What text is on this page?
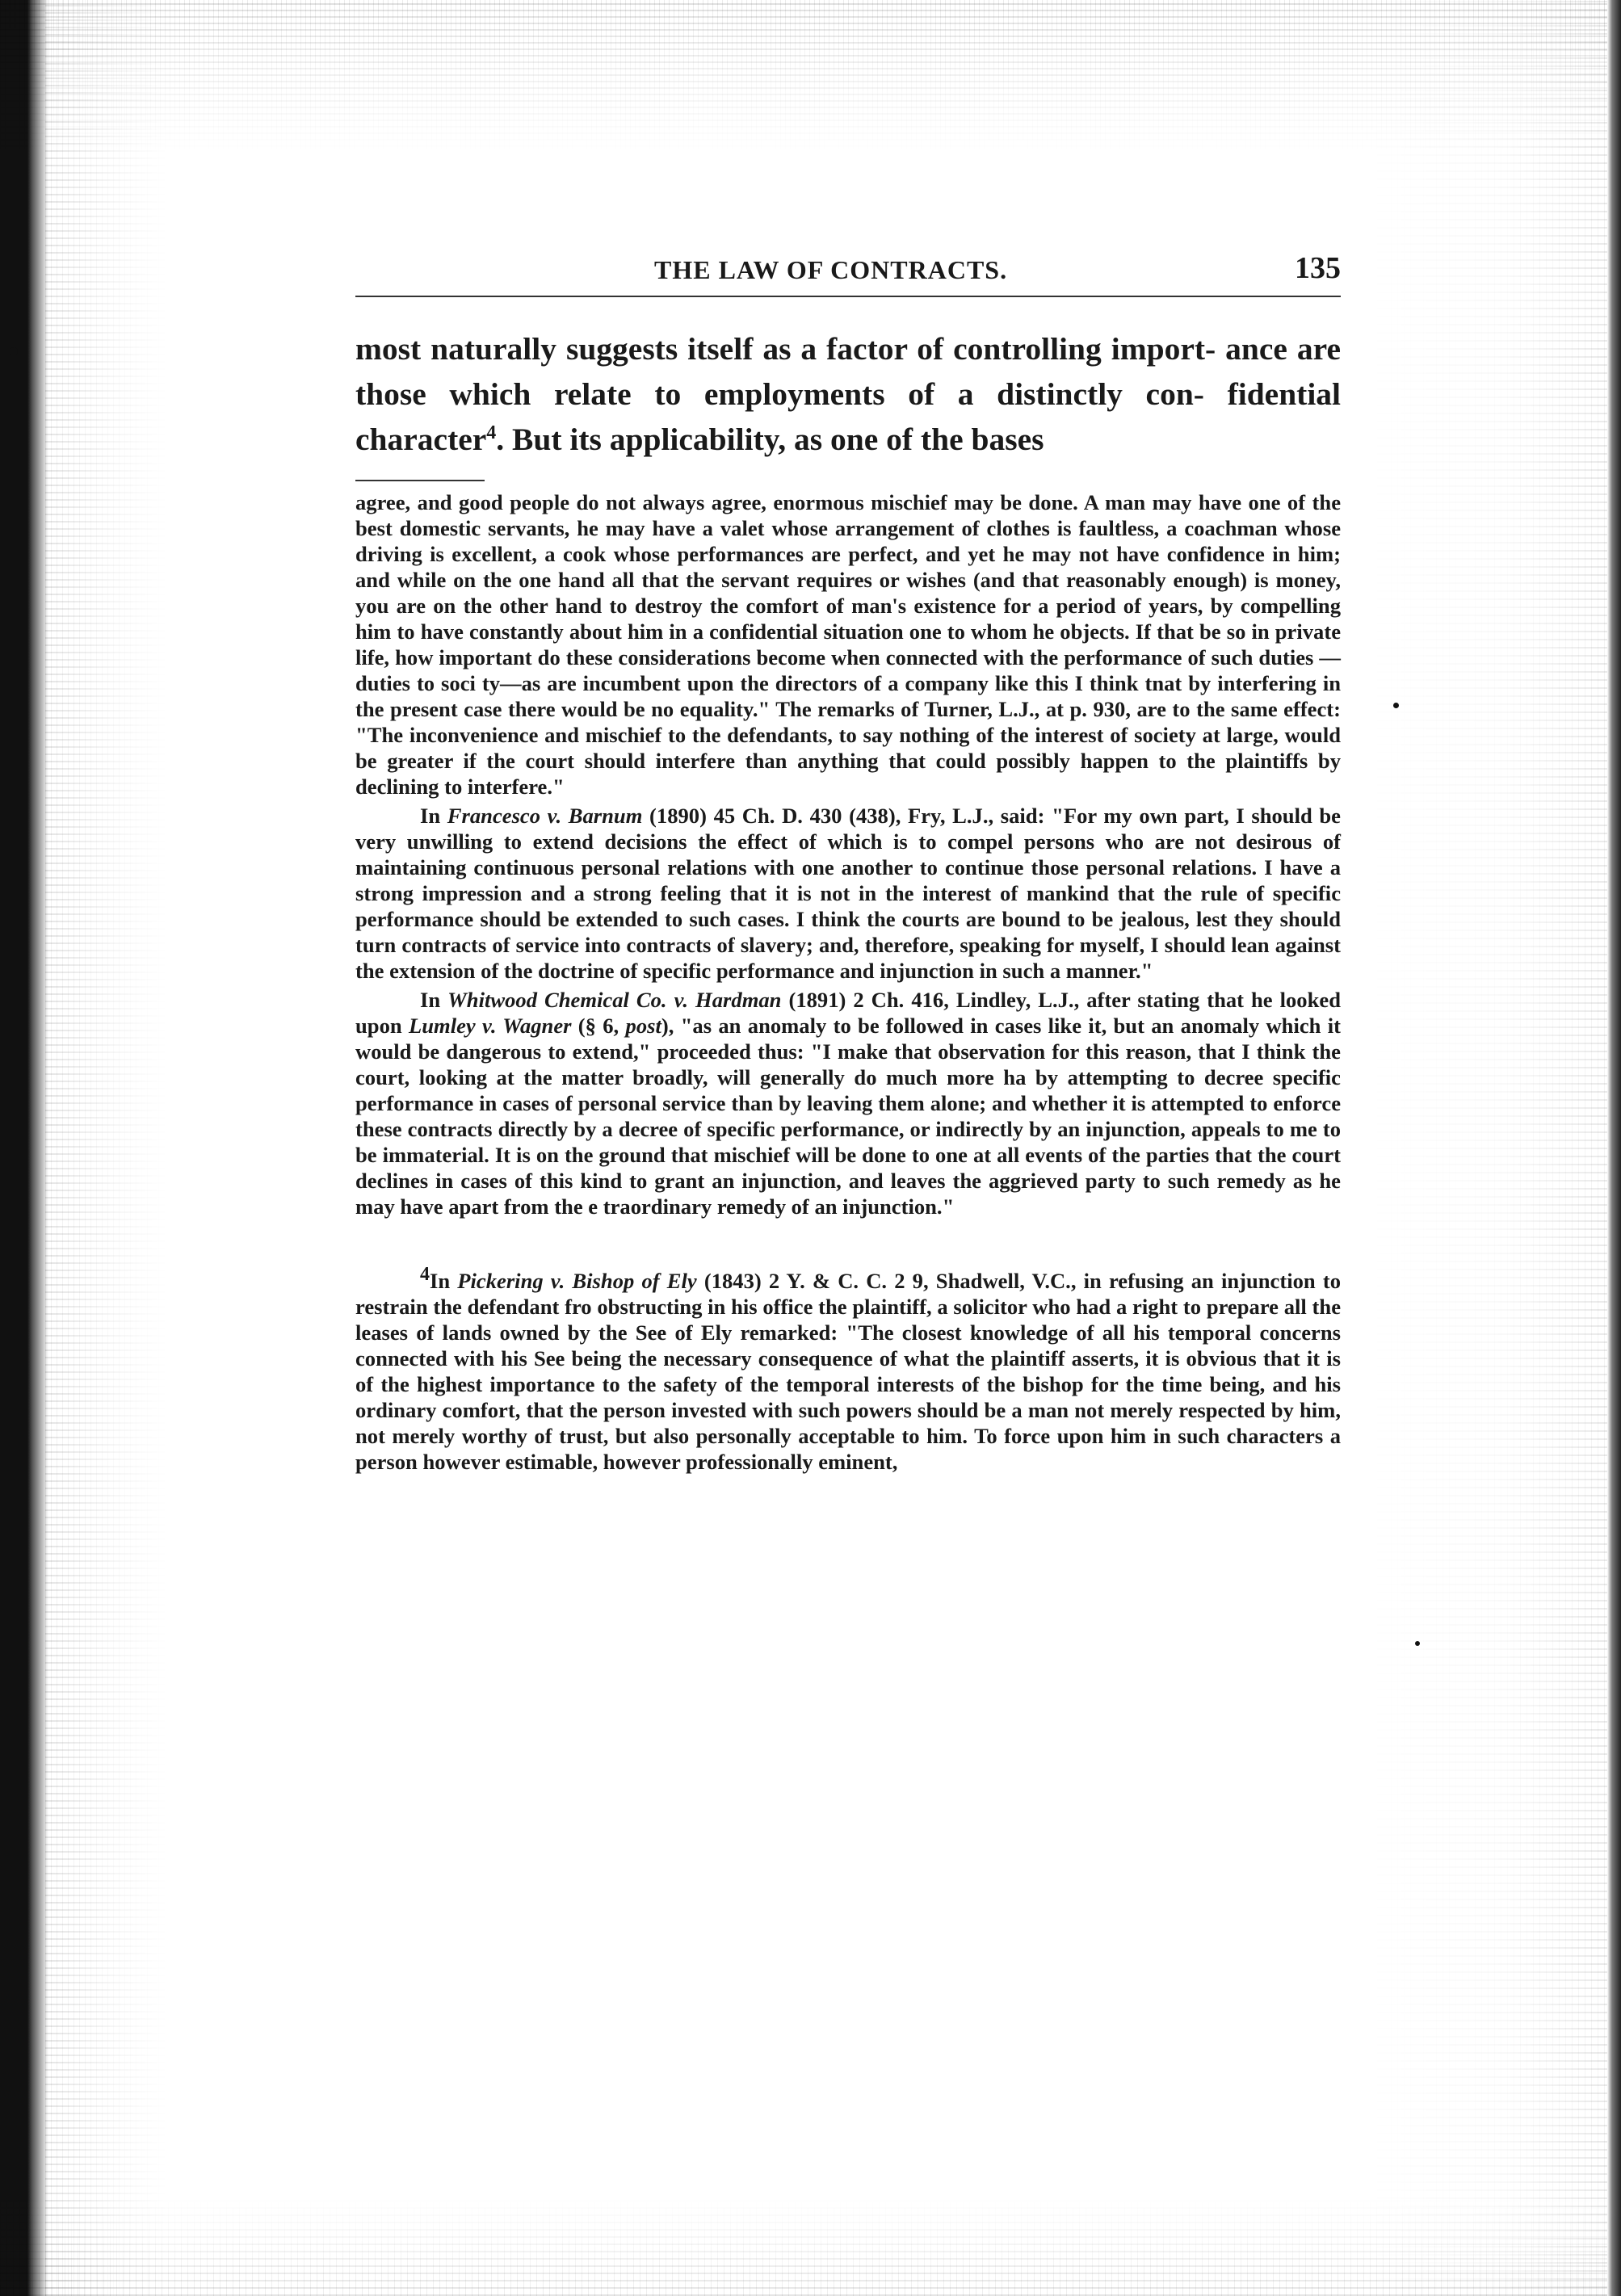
THE LAW OF CONTRACTS.	135
most naturally suggests itself as a factor of controlling import- ance are those which relate to employments of a distinctly con- fidential character$^4$. But its applicability, as one of the bases

agree, and good people do not always agree, enormous mischief may be done. A man may have one of the best domestic servants, he may have a valet whose arrangement of clothes is faultless, a coachman whose driving is excellent, a cook whose performances are perfect, and yet he may not have confidence in him; and while on the one hand all that the servant requires or wishes (and that reasonably enough) is money, you are on the other hand to destroy the comfort of man's existence for a period of years, by compelling him to have constantly about him in a confidential situation one to whom he objects. If that be so in private life, how important do these considerations become when connected with the performance of such duties —duties to soci ty—as are incumbent upon the directors of a company like this I think tnat by interfering in the present case there would be no equality." The remarks of Turner, L.J., at p. 930, are to the same effect: "The inconvenience and mischief to the defendants, to say nothing of the interest of society at large, would be greater if the court should interfere than anything that could possibly happen to the plaintiffs by declining to interfere."

In Francesco v. Barnum (1890) 45 Ch. D. 430 (438), Fry, L.J., said: "For my own part, I should be very unwilling to extend decisions the effect of which is to compel persons who are not desirous of maintaining continuous personal relations with one another to continue those personal relations. I have a strong impression and a strong feeling that it is not in the interest of mankind that the rule of specific performance should be extended to such cases. I think the courts are bound to be jealous, lest they should turn contracts of service into contracts of slavery; and, therefore, speaking for myself, I should lean against the extension of the doctrine of specific performance and injunction in such a manner."

In Whitwood Chemical Co. v. Hardman (1891) 2 Ch. 416, Lindley, L.J., after stating that he looked upon Lumley v. Wagner (§ 6, post), "as an anomaly to be followed in cases like it, but an anomaly which it would be dangerous to extend," proceeded thus: "I make that observation for this reason, that I think the court, looking at the matter broadly, will generally do much more ha by attempting to decree specific performance in cases of personal service than by leaving them alone; and whether it is attempted to enforce these contracts directly by a decree of specific performance, or indirectly by an injunction, appeals to me to be immaterial. It is on the ground that mischief will be done to one at all events of the parties that the court declines in cases of this kind to grant an injunction, and leaves the aggrieved party to such remedy as he may have apart from the e traordinary remedy of an injunction."

4In Pickering v. Bishop of Ely (1843) 2 Y. & C. C. 2 9, Shadwell, V.C., in refusing an injunction to restrain the defendant fro obstructing in his office the plaintiff, a solicitor who had a right to prepare all the leases of lands owned by the See of Ely remarked: "The closest knowledge of all his temporal concerns connected with his See being the necessary consequence of what the plaintiff asserts, it is obvious that it is of the highest importance to the safety of the temporal interests of the bishop for the time being, and his ordinary comfort, that the person invested with such powers should be a man not merely respected by him, not merely worthy of trust, but also personally acceptable to him. To force upon him in such characters a person however estimable, however professionally eminent,
